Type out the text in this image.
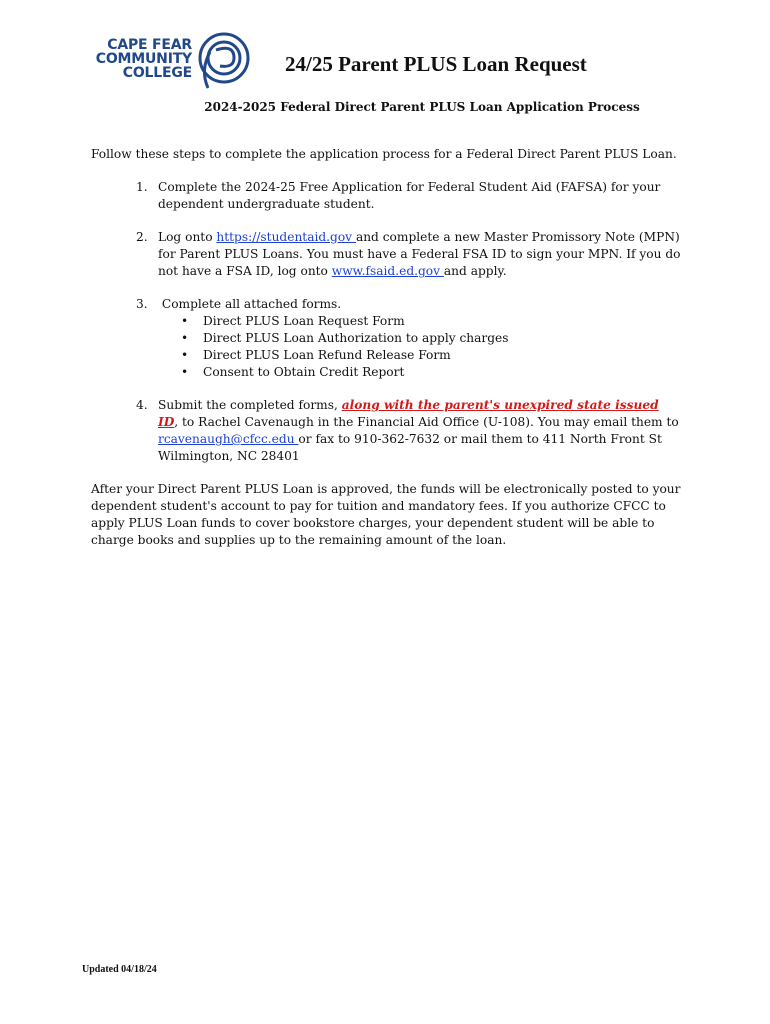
CAPE FEAR
COMMUNITY
COLLEGE	24/25 Parent PLUS Loan Request
2024-2025 Federal Direct Parent PLUS Loan Application Process

Follow these steps to complete the application process for a Federal Direct Parent PLUS Loan.

1. Complete the 2024-25 Free Application for Federal Student Aid (FAFSA) for your dependent undergraduate student.
2. Log onto https://studentaid.gov and complete a new Master Promissory Note (MPN) for Parent PLUS Loans. You must have a Federal FSA ID to sign your MPN. If you do not have a FSA ID, log onto www.fsaid.ed.gov and apply.
3. Complete all attached forms.
• Direct PLUS Loan Request Form
• Direct PLUS Loan Authorization to apply charges
• Direct PLUS Loan Refund Release Form
• Consent to Obtain Credit Report
4. Submit the completed forms, along with the parent's unexpired state issued ID, to Rachel Cavenaugh in the Financial Aid Office (U-108). You may email them to rcavenaugh@cfcc.edu or fax to 910-362-7632 or mail them to 411 North Front St Wilmington, NC 28401

After your Direct Parent PLUS Loan is approved, the funds will be electronically posted to your dependent student's account to pay for tuition and mandatory fees. If you authorize CFCC to apply PLUS Loan funds to cover bookstore charges, your dependent student will be able to charge books and supplies up to the remaining amount of the loan.

Updated 04/18/24
